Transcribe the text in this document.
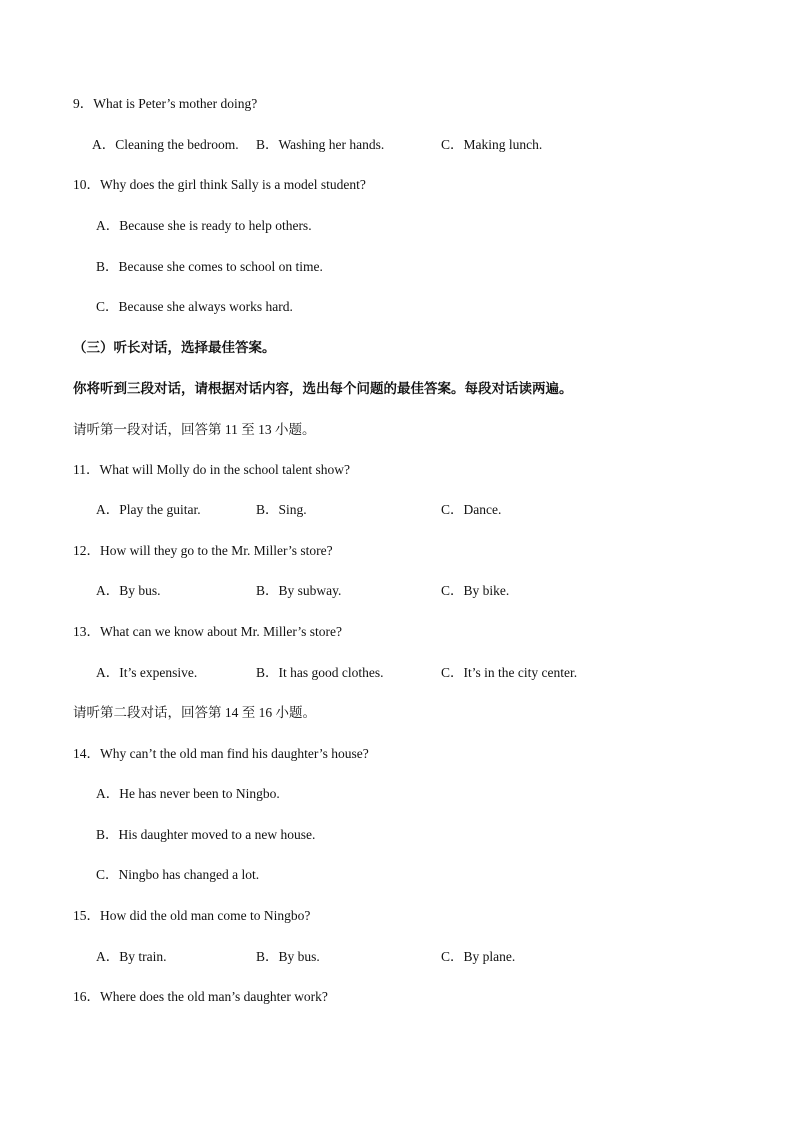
9．What is Peter’s mother doing?
A．Cleaning the bedroom. B．Washing her hands.	C．Making lunch.
10．Why does the girl think Sally is a model student?
A．Because she is ready to help others.
B．Because she comes to school on time.
C．Because she always works hard.
（三）听长对话，选择最佳答案。
你将听到三段对话，请根据对话内容，选出每个问题的最佳答案。每段对话读两遍。
请听第一段对话，回答第 11 至 13 小题。
11．What will Molly do in the school talent show?
A．Play the guitar.	B．Sing.	C．Dance.
12．How will they go to the Mr. Miller’s store?
A．By bus.	B．By subway.	C．By bike.
13．What can we know about Mr. Miller’s store?
A．It’s expensive.	B．It has good clothes.	C．It’s in the city center.
请听第二段对话，回答第 14 至 16 小题。
14．Why can’t the old man find his daughter’s house?
A．He has never been to Ningbo.
B．His daughter moved to a new house.
C．Ningbo has changed a lot.
15．How did the old man come to Ningbo?
A．By train.	B．By bus.	C．By plane.
16．Where does the old man’s daughter work?
